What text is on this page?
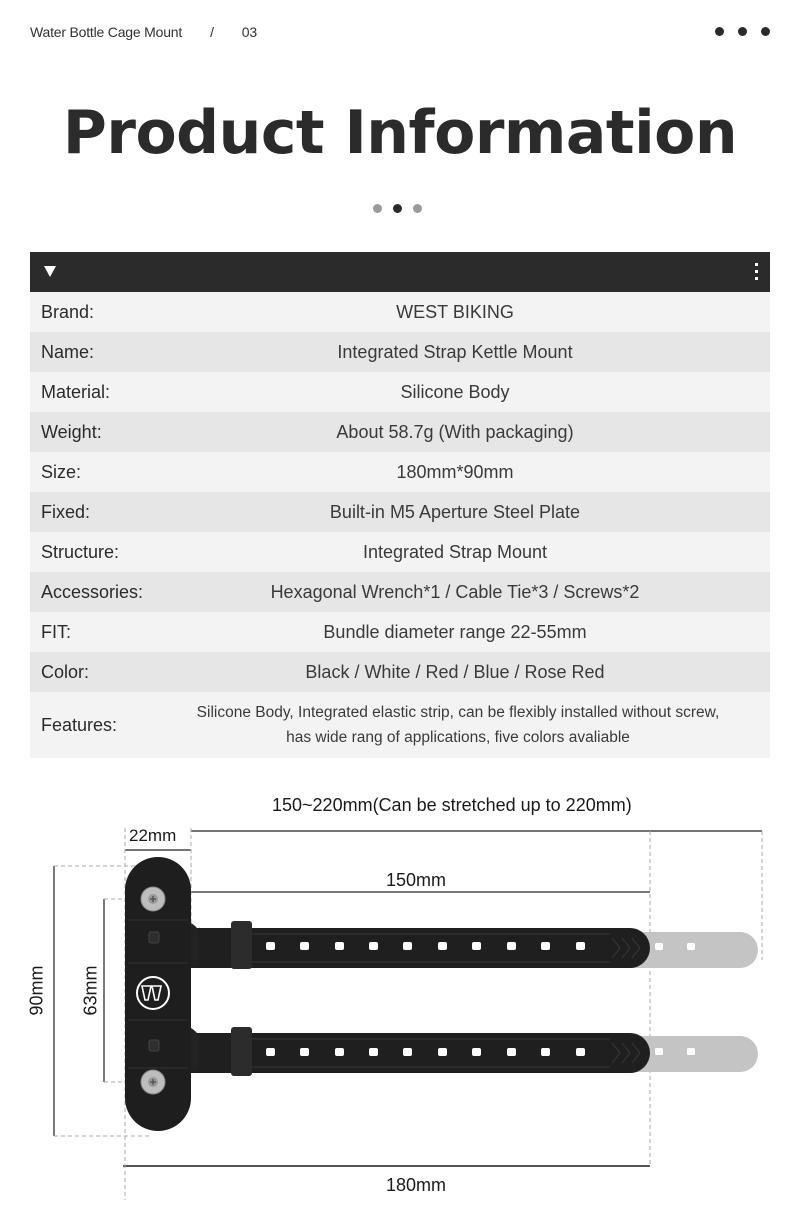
Water Bottle Cage Mount / 03
Product Information
Brand:	WEST BIKING
Name:	Integrated Strap Kettle Mount
Material:	Silicone Body
Weight:	About 58.7g (With packaging)
Size:	180mm*90mm
Fixed:	Built-in M5 Aperture Steel Plate
Structure:	Integrated Strap Mount
Accessories:	Hexagonal Wrench*1 / Cable Tie*3 / Screws*2
FIT:	Bundle diameter range 22-55mm
Color:	Black / White / Red / Blue / Rose Red
Features:
Silicone Body, Integrated elastic strip, can be flexibly installed without screw,
has wide rang of applications, five colors avaliable
150~220mm(Can be stretched up to 220mm)
22mm
150mm
90mm 63mm
180mm
